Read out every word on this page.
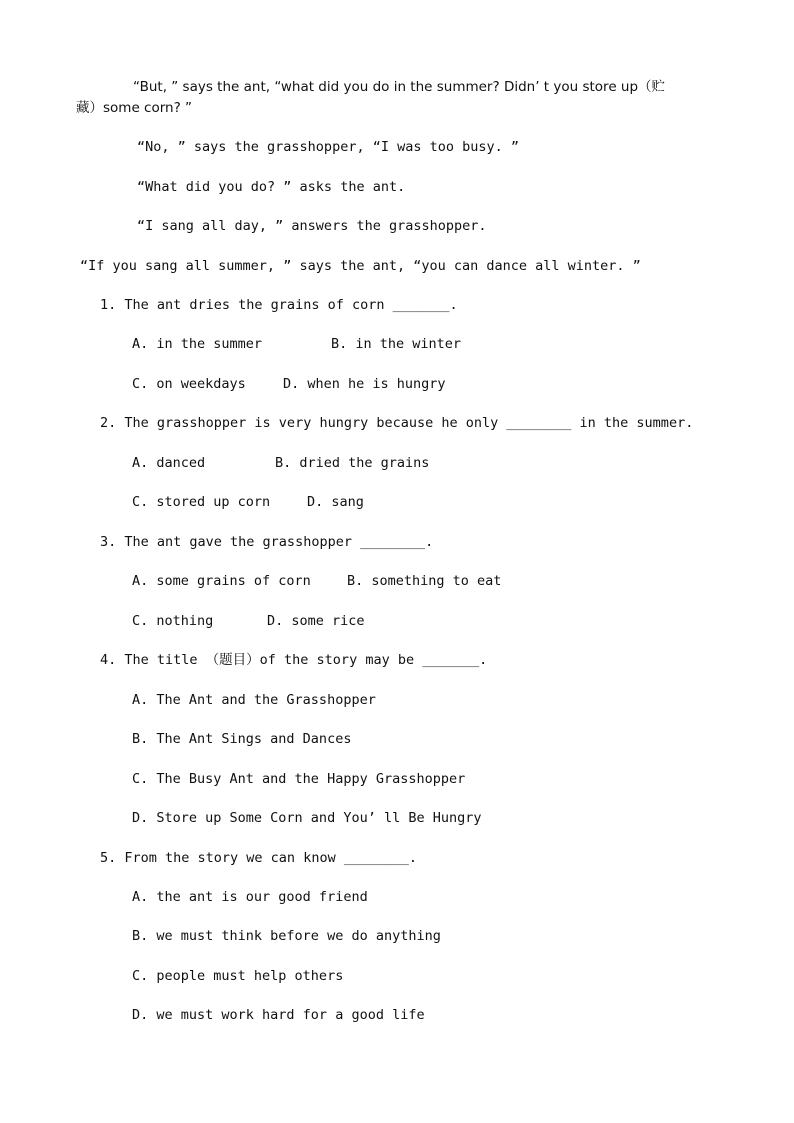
“But, ” says the ant, “what did you do in the summer? Didn’ t you store up（贮
藏）some corn? ”
“No, ” says the grasshopper, “I was too busy. ”
“What did you do? ” asks the ant.
“I sang all day, ” answers the grasshopper.
“If you sang all summer, ” says the ant, “you can dance all winter. ”
1. The ant dries the grains of corn _______.
A. in the summer	B. in the winter
C. on weekdays	D. when he is hungry
2. The grasshopper is very hungry because he only ________ in the summer.
A. danced	B. dried the grains
C. stored up corn	D. sang
3. The ant gave the grasshopper ________.
A. some grains of corn	B. something to eat
C. nothing	D. some rice
4. The title （题目）of the story may be _______.
A. The Ant and the Grasshopper
B. The Ant Sings and Dances
C. The Busy Ant and the Happy Grasshopper
D. Store up Some Corn and You’ ll Be Hungry
5. From the story we can know ________.
A. the ant is our good friend
B. we must think before we do anything
C. people must help others
D. we must work hard for a good life
